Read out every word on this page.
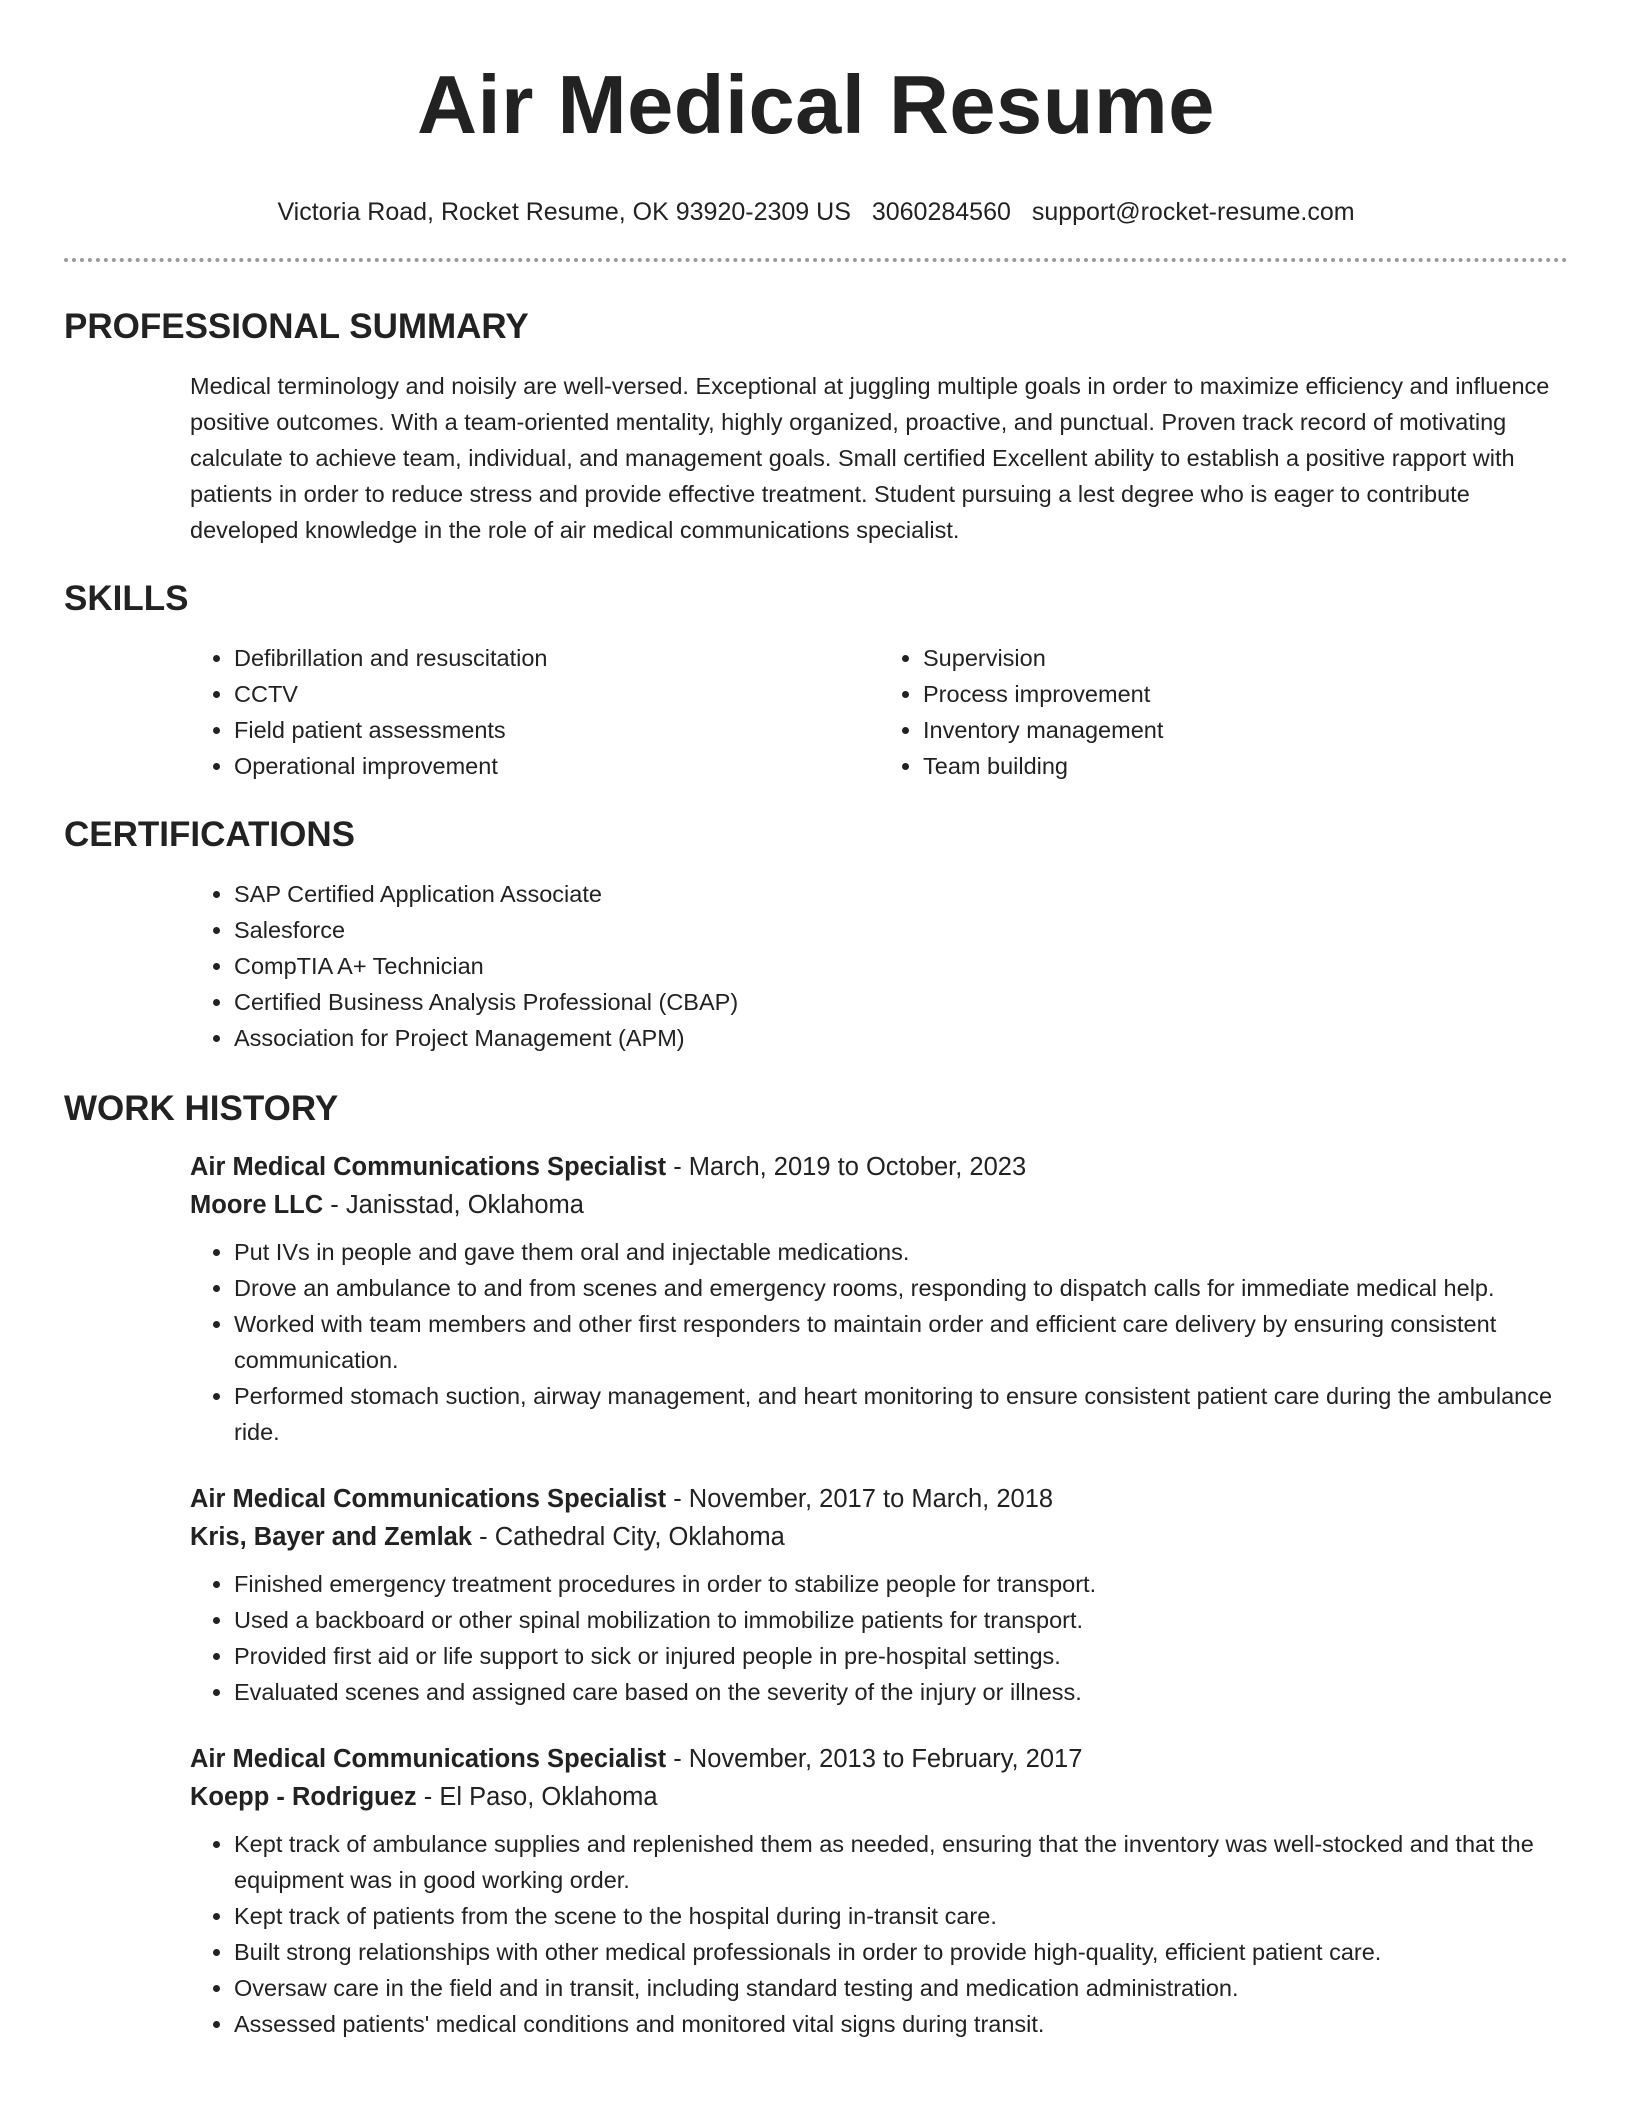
Air Medical Resume
Victoria Road, Rocket Resume, OK 93920-2309 US 3060284560 support@rocket-resume.com
PROFESSIONAL SUMMARY

Medical terminology and noisily are well-versed. Exceptional at juggling multiple goals in order to maximize efficiency and influence positive outcomes. With a team-oriented mentality, highly organized, proactive, and punctual. Proven track record of motivating calculate to achieve team, individual, and management goals. Small certified Excellent ability to establish a positive rapport with patients in order to reduce stress and provide effective treatment. Student pursuing a lest degree who is eager to contribute developed knowledge in the role of air medical communications specialist.

SKILLS
• Defibrillation and resuscitation
• CCTV
• Field patient assessments
• Operational improvement
• Supervision
• Process improvement
• Inventory management
• Team building
CERTIFICATIONS
• SAP Certified Application Associate
• Salesforce
• CompTIA A+ Technician
• Certified Business Analysis Professional (CBAP)
• Association for Project Management (APM)
WORK HISTORY
Air Medical Communications Specialist - March, 2019 to October, 2023
Moore LLC - Janisstad, Oklahoma
• Put IVs in people and gave them oral and injectable medications.
• Drove an ambulance to and from scenes and emergency rooms, responding to dispatch calls for immediate medical help.
• Worked with team members and other first responders to maintain order and efficient care delivery by ensuring consistent communication.
• Performed stomach suction, airway management, and heart monitoring to ensure consistent patient care during the ambulance ride.
Air Medical Communications Specialist - November, 2017 to March, 2018
Kris, Bayer and Zemlak - Cathedral City, Oklahoma
• Finished emergency treatment procedures in order to stabilize people for transport.
• Used a backboard or other spinal mobilization to immobilize patients for transport.
• Provided first aid or life support to sick or injured people in pre-hospital settings.
• Evaluated scenes and assigned care based on the severity of the injury or illness.
Air Medical Communications Specialist - November, 2013 to February, 2017
Koepp - Rodriguez - El Paso, Oklahoma
• Kept track of ambulance supplies and replenished them as needed, ensuring that the inventory was well-stocked and that the equipment was in good working order.
• Kept track of patients from the scene to the hospital during in-transit care.
• Built strong relationships with other medical professionals in order to provide high-quality, efficient patient care.
• Oversaw care in the field and in transit, including standard testing and medication administration.
• Assessed patients' medical conditions and monitored vital signs during transit.
